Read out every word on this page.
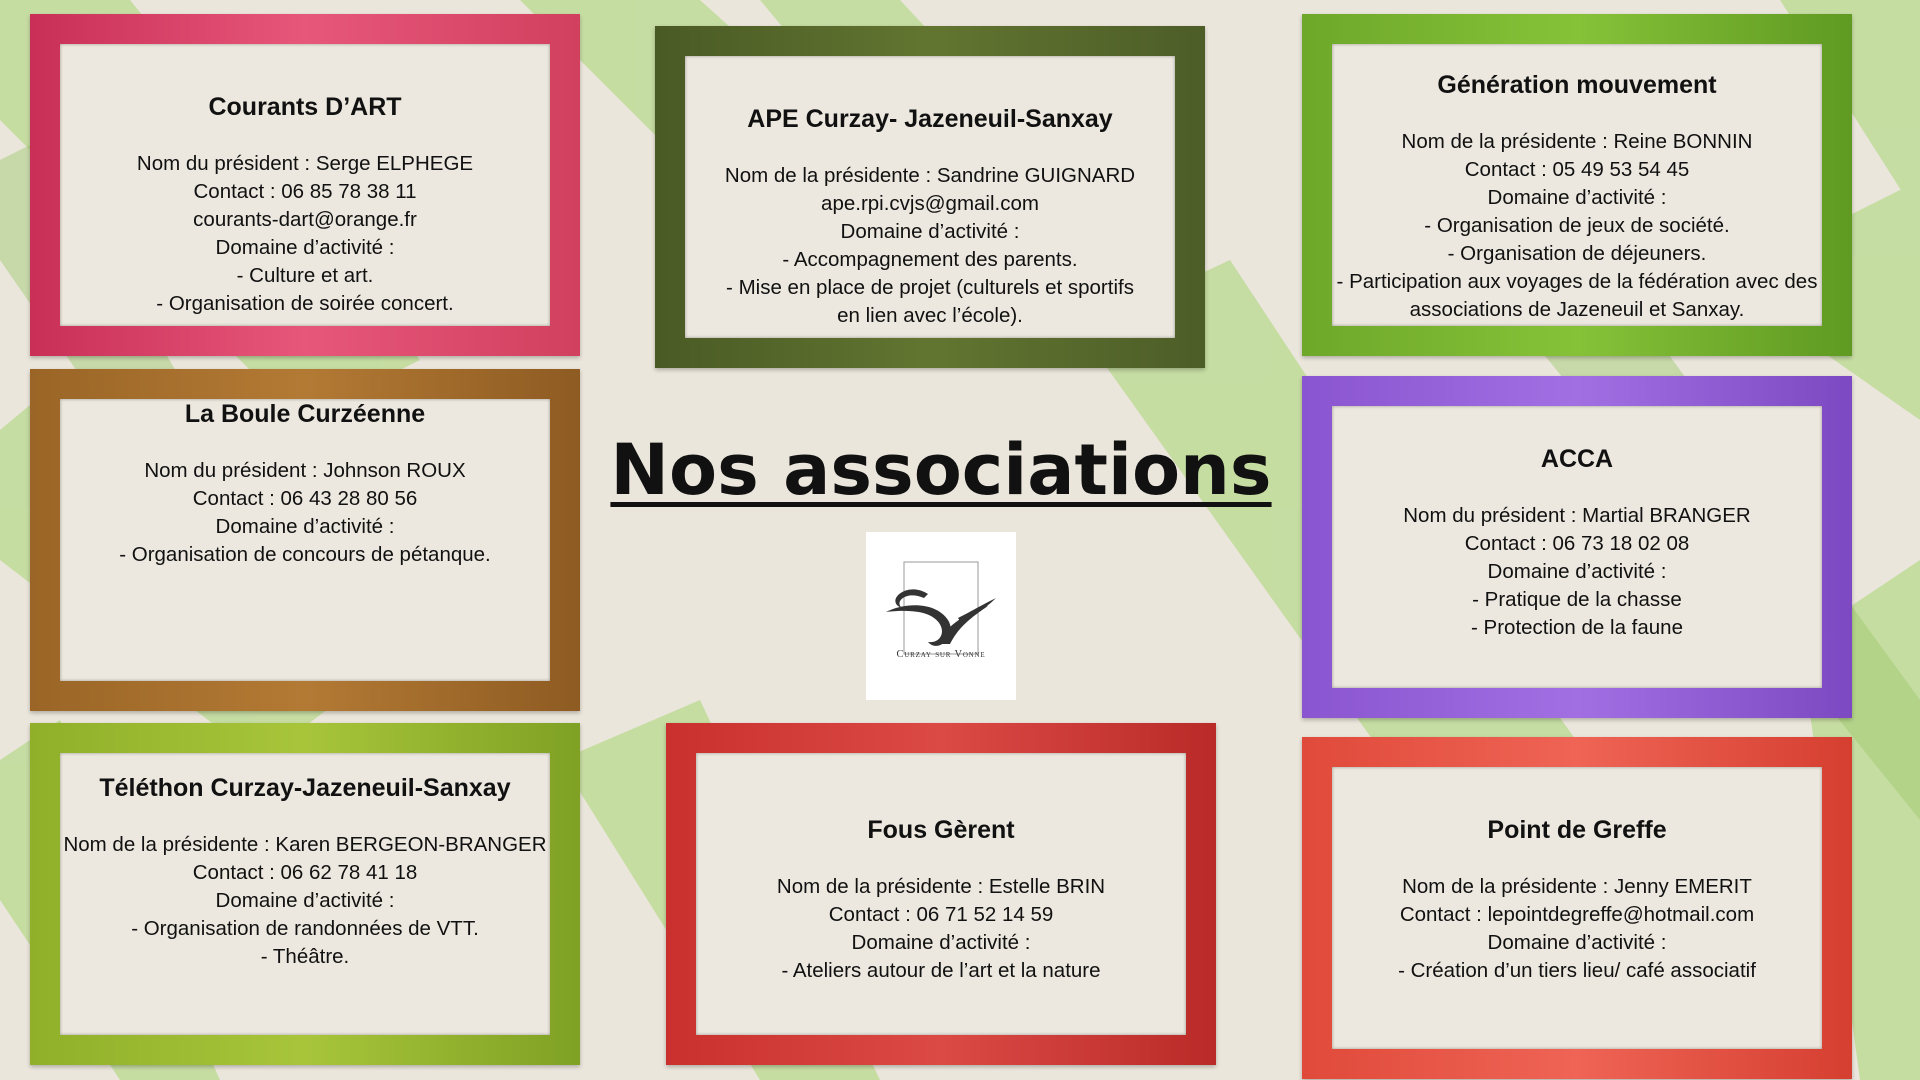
Courants D’ART
Nom du président : Serge ELPHEGE
Contact : 06 85 78 38 11
courants-dart@orange.fr
Domaine d’activité :
- Culture et art.
- Organisation de soirée concert.
APE Curzay- Jazeneuil-Sanxay
Nom de la présidente : Sandrine GUIGNARD
ape.rpi.cvjs@gmail.com
Domaine d’activité :
- Accompagnement des parents.
- Mise en place de projet (culturels et sportifs
en lien avec l’école).
Génération mouvement
Nom de la présidente : Reine BONNIN
Contact : 05 49 53 54 45
Domaine d’activité :
- Organisation de jeux de société.
- Organisation de déjeuners.
- Participation aux voyages de la fédération avec des
associations de Jazeneuil et Sanxay.
La Boule Curzéenne
Nom du président : Johnson ROUX
Contact : 06 43 28 80 56
Domaine d’activité :
- Organisation de concours de pétanque.
Nos associations
Curzay sur Vonne
ACCA
Nom du président : Martial BRANGER
Contact : 06 73 18 02 08
Domaine d’activité :
- Pratique de la chasse
- Protection de la faune
Téléthon Curzay-Jazeneuil-Sanxay
Nom de la présidente : Karen BERGEON-BRANGER
Contact : 06 62 78 41 18
Domaine d’activité :
- Organisation de randonnées de VTT.
- Théâtre.
Fous Gèrent
Nom de la présidente : Estelle BRIN
Contact : 06 71 52 14 59
Domaine d’activité :
- Ateliers autour de l’art et la nature
Point de Greffe
Nom de la présidente : Jenny EMERIT
Contact : lepointdegreffe@hotmail.com
Domaine d’activité :
- Création d’un tiers lieu/ café associatif
